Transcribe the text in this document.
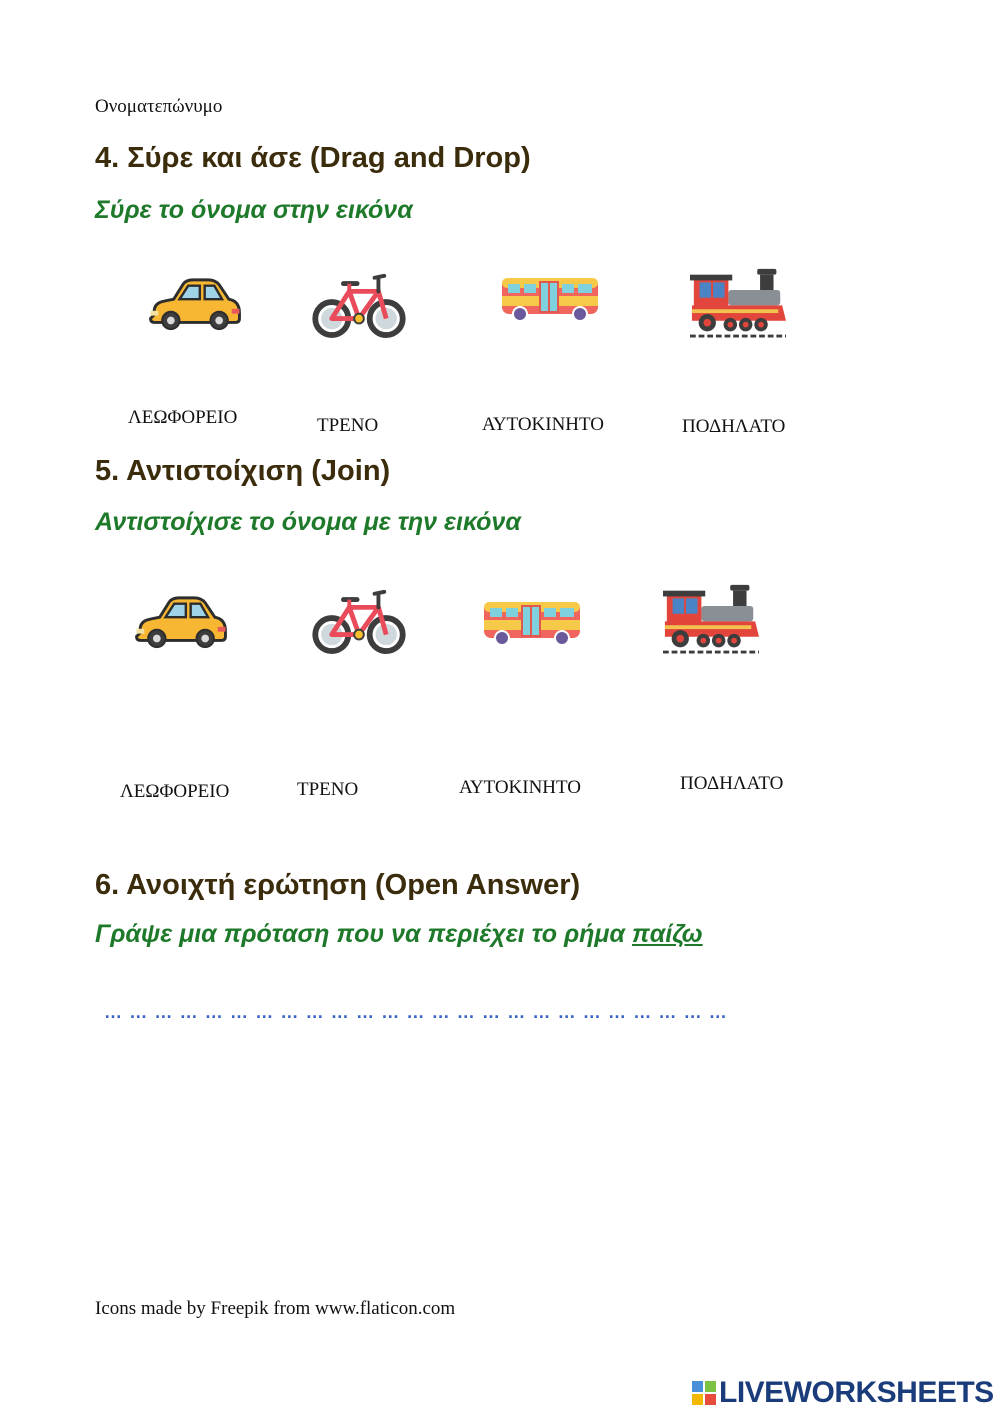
Ονοματεπώνυμο
4. Σύρε και άσε (Drag and Drop)
Σύρε το όνομα στην εικόνα
ΛΕΩΦΟΡΕΙΟ	ΤΡΕΝΟ	ΑΥΤΟΚΙΝΗΤΟ	ΠΟΔΗΛΑΤΟ
5. Αντιστοίχιση (Join)
Αντιστοίχισε το όνομα με την εικόνα
ΛΕΩΦΟΡΕΙΟ	ΤΡΕΝΟ	ΑΥΤΟΚΙΝΗΤΟ	ΠΟΔΗΛΑΤΟ
6. Ανοιχτή ερώτηση (Open Answer)
Γράψε μια πρόταση που να περιέχει το ρήμα παίζω
…………………………………………………………………
Icons made by Freepik from www.flaticon.com
LIVEWORKSHEETS
